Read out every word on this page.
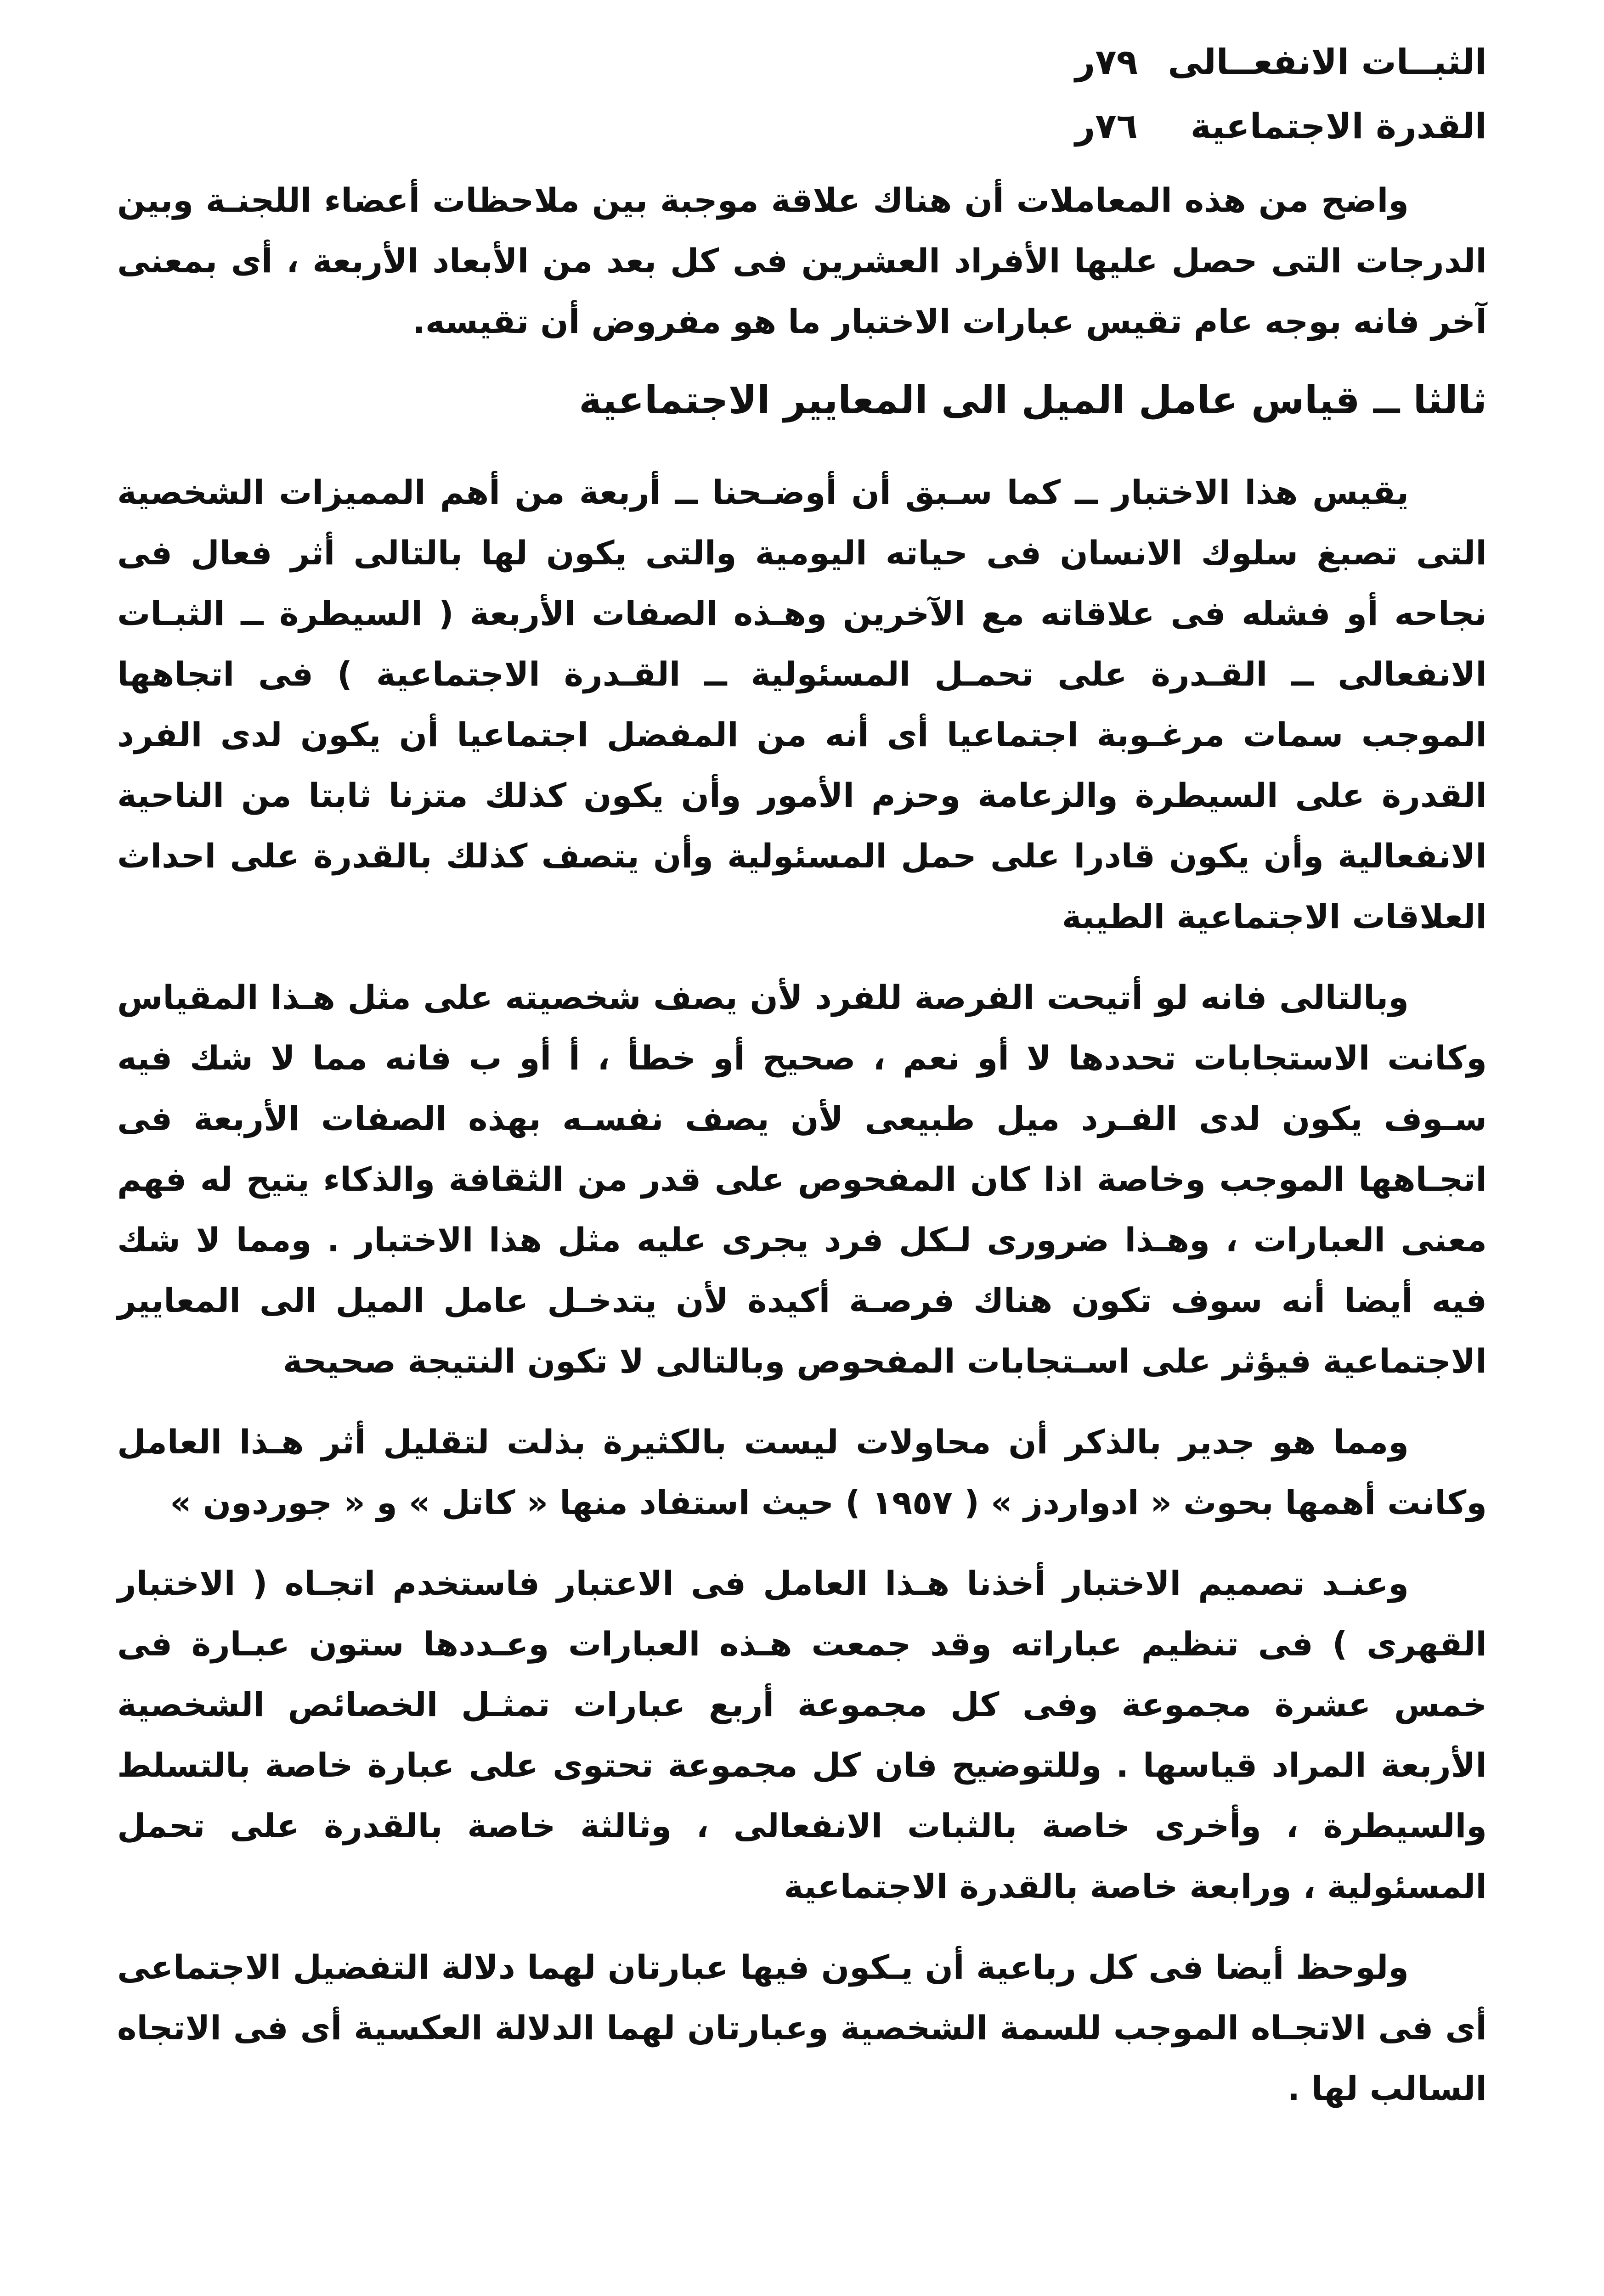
الثبــات الانفعــالى
٧٩ر
القدرة الاجتماعية
٧٦ر

واضح من هذه المعاملات أن هناك علاقة موجبة بين ملاحظات أعضاء اللجنـة وبين الدرجات التى حصل عليها الأفراد العشرين فى كل بعد من الأبعاد الأربعة ، أى بمعنى آخر فانه بوجه عام تقيس عبارات الاختبار ما هو مفروض أن تقيسه.

ثالثا ــ قياس عامل الميل الى المعايير الاجتماعية

يقيس هذا الاختبار ــ كما سـبق أن أوضـحنا ــ أربعة من أهم المميزات الشخصية التى تصبغ سلوك الانسان فى حياته اليومية والتى يكون لها بالتالى أثر فعال فى نجاحه أو فشله فى علاقاته مع الآخرين وهـذه الصفات الأربعة ( السيطرة ــ الثبـات الانفعالى ــ القـدرة على تحمـل المسئولية ــ القـدرة الاجتماعية ) فى اتجاهها الموجب سمات مرغـوبة اجتماعيا أى أنه من المفضل اجتماعيا أن يكون لدى الفرد القدرة على السيطرة والزعامة وحزم الأمور وأن يكون كذلك متزنا ثابتا من الناحية الانفعالية وأن يكون قادرا على حمل المسئولية وأن يتصف كذلك بالقدرة على احداث العلاقات الاجتماعية الطيبة

وبالتالى فانه لو أتيحت الفرصة للفرد لأن يصف شخصيته على مثل هـذا المقياس وكانت الاستجابات تحددها لا أو نعم ، صحيح أو خطأ ، أ أو ب فانه مما لا شك فيه سـوف يكون لدى الفـرد ميل طبيعى لأن يصف نفسـه بهذه الصفات الأربعة فى اتجـاهها الموجب وخاصة اذا كان المفحوص على قدر من الثقافة والذكاء يتيح له فهم معنى العبارات ، وهـذا ضرورى لـكل فرد يجرى عليه مثل هذا الاختبار . ومما لا شك فيه أيضا أنه سوف تكون هناك فرصـة أكيدة لأن يتدخـل عامل الميل الى المعايير الاجتماعية فيؤثر على اسـتجابات المفحوص وبالتالى لا تكون النتيجة صحيحة

ومما هو جدير بالذكر أن محاولات ليست بالكثيرة بذلت لتقليل أثر هـذا العامل وكانت أهمها بحوث « ادواردز » ( ١٩٥٧ ) حيث استفاد منها « كاتل » و « جوردون »

وعنـد تصميم الاختبار أخذنا هـذا العامل فى الاعتبار فاستخدم اتجـاه ( الاختبار القهرى ) فى تنظيم عباراته وقد جمعت هـذه العبارات وعـددها ستون عبـارة فى خمس عشرة مجموعة وفى كل مجموعة أربع عبارات تمثـل الخصائص الشخصية الأربعة المراد قياسها . وللتوضيح فان كل مجموعة تحتوى على عبارة خاصة بالتسلط والسيطرة ، وأخرى خاصة بالثبات الانفعالى ، وثالثة خاصة بالقدرة على تحمل المسئولية ، ورابعة خاصة بالقدرة الاجتماعية

ولوحظ أيضا فى كل رباعية أن يـكون فيها عبارتان لهما دلالة التفضيل الاجتماعى أى فى الاتجـاه الموجب للسمة الشخصية وعبارتان لهما الدلالة العكسية أى فى الاتجاه السالب لها .
